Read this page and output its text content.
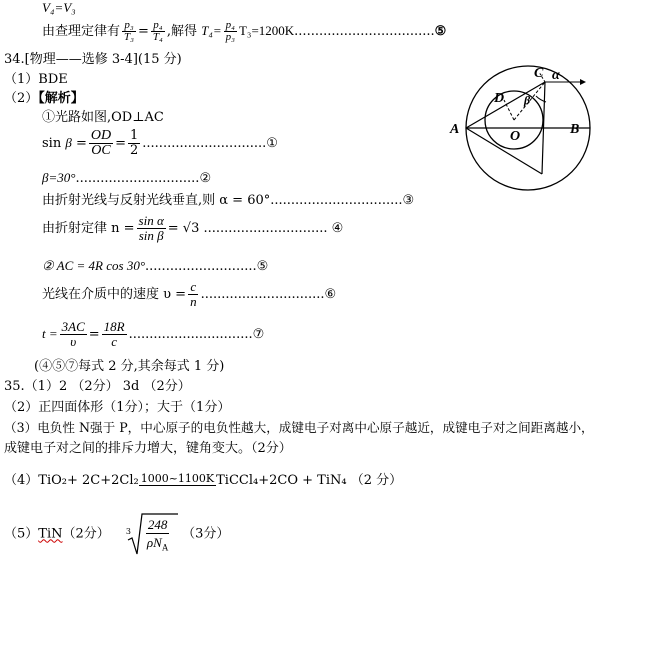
V₄=V₃
由查理定律有 $\frac{\text{p₃}}{\text{T₃}} = \frac{\text{p₄}}{\text{T₄}}$ ,解得 $T_4= \frac{\text{p₄}}{\text{p₃}}$ T₃=1200K..................................⑤
34.[物理——选修 3-4](15 分)
（1）BDE
（2）【解析】
①光路如图,OD⊥AC
$\sin \beta = \frac{OD}{OC} = \frac{1}{2}$ ..............................①
β=30°..............................②
由折射光线与反射光线垂直,则 α = 60°................................③
由折射定律 $n = \frac{\text{sin α}}{\text{sin β}} = √3$ .............................. ④
② AC = 4R cos 30°...........................⑤
光线在介质中的速度 $\upsilon = \frac{c}{n}$ ..............................⑥
$t = \frac{3AC}{\upsilon} = \frac{18R}{c}$ ..............................⑦
(④⑤⑦每式 2 分,其余每式 1 分)
35.（1）2 （2分） 3d （2分）
（2）正四面体形（1分）；大于（1分）
（3）电负性 N强于 P，中心原子的电负性越大，成键电子对离中心原子越近，成键电子对之间距离越小，
成键电子对之间的排斥力增大，键角变大。（2分）
（4）TiO₂+ 2C+2Cl₂ 1000~1100K TiCCl₄+2CO + TiN₄ （2 分）
（5）TiN（2分） 3 248
$\rho N_A$
（3分）
A	B
C
D
O
α
β
